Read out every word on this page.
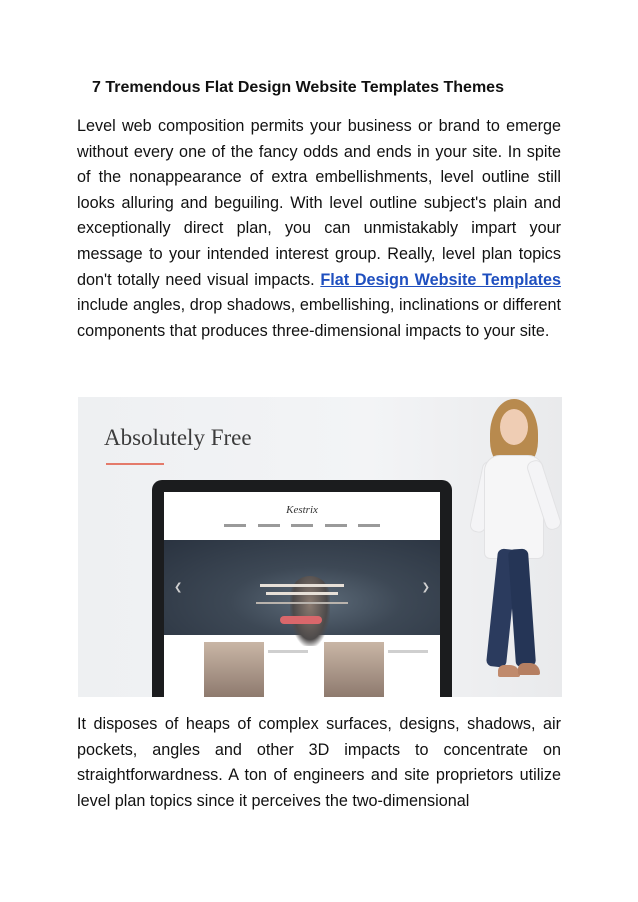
7 Tremendous Flat Design Website Templates Themes

Level web composition permits your business or brand to emerge without every one of the fancy odds and ends in your site. In spite of the nonappearance of extra embellishments, level outline still looks alluring and beguiling. With level outline subject's plain and exceptionally direct plan, you can unmistakably impart your message to your intended interest group. Really, level plan topics don't totally need visual impacts. Flat Design Website Templates include angles, drop shadows, embellishing, inclinations or different components that produces three-dimensional impacts to your site.

Absolutely Free
Kestrix
❮	❯

It disposes of heaps of complex surfaces, designs, shadows, air pockets, angles and other 3D impacts to concentrate on straightforwardness. A ton of engineers and site proprietors utilize level plan topics since it perceives the two-dimensional
